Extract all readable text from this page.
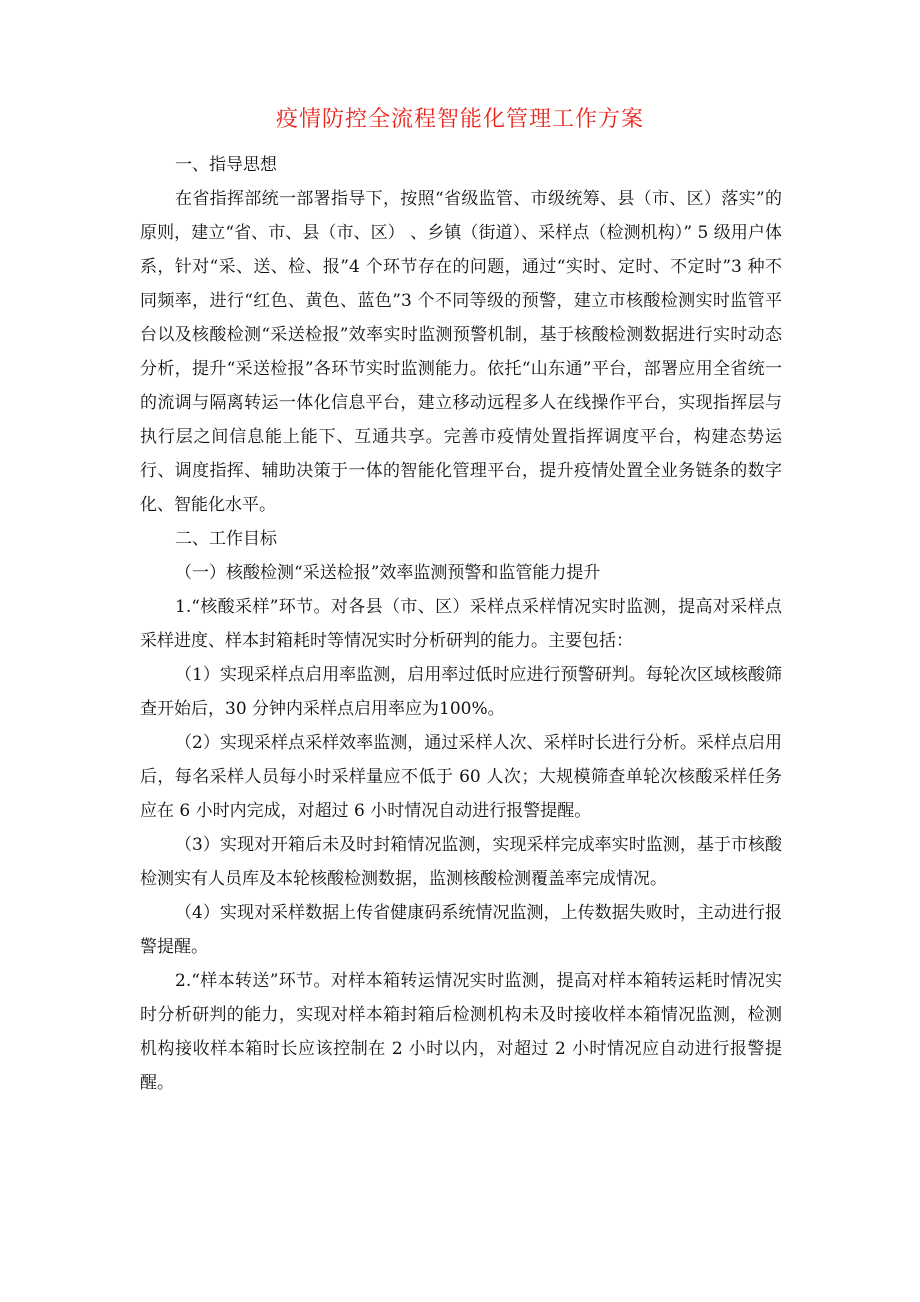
疫情防控全流程智能化管理工作方案

一、指导思想

在省指挥部统一部署指导下，按照“省级监管、市级统筹、县（市、区）落实”的原则，建立“省、市、县（市、区） 、乡镇（街道）、采样点（检测机构）” 5 级用户体系，针对“采、送、检、报”4 个环节存在的问题，通过“实时、定时、不定时”3 种不同频率，进行“红色、黄色、蓝色”3 个不同等级的预警，建立市核酸检测实时监管平台以及核酸检测“采送检报”效率实时监测预警机制，基于核酸检测数据进行实时动态分析，提升“采送检报”各环节实时监测能力。依托“山东通”平台，部署应用全省统一的流调与隔离转运一体化信息平台，建立移动远程多人在线操作平台，实现指挥层与执行层之间信息能上能下、互通共享。完善市疫情处置指挥调度平台，构建态势运行、调度指挥、辅助决策于一体的智能化管理平台，提升疫情处置全业务链条的数字化、智能化水平。

二、工作目标

（一）核酸检测“采送检报”效率监测预警和监管能力提升

1.“核酸采样”环节。对各县（市、区）采样点采样情况实时监测，提高对采样点采样进度、样本封箱耗时等情况实时分析研判的能力。主要包括：

（1）实现采样点启用率监测，启用率过低时应进行预警研判。每轮次区域核酸筛查开始后，30 分钟内采样点启用率应为100%。

（2）实现采样点采样效率监测，通过采样人次、采样时长进行分析。采样点启用后，每名采样人员每小时采样量应不低于 60 人次；大规模筛查单轮次核酸采样任务应在 6 小时内完成，对超过 6 小时情况自动进行报警提醒。

（3）实现对开箱后未及时封箱情况监测，实现采样完成率实时监测，基于市核酸检测实有人员库及本轮核酸检测数据，监测核酸检测覆盖率完成情况。

（4）实现对采样数据上传省健康码系统情况监测，上传数据失败时，主动进行报警提醒。

2.“样本转送”环节。对样本箱转运情况实时监测，提高对样本箱转运耗时情况实时分析研判的能力，实现对样本箱封箱后检测机构未及时接收样本箱情况监测，检测机构接收样本箱时长应该控制在 2 小时以内，对超过 2 小时情况应自动进行报警提醒。
